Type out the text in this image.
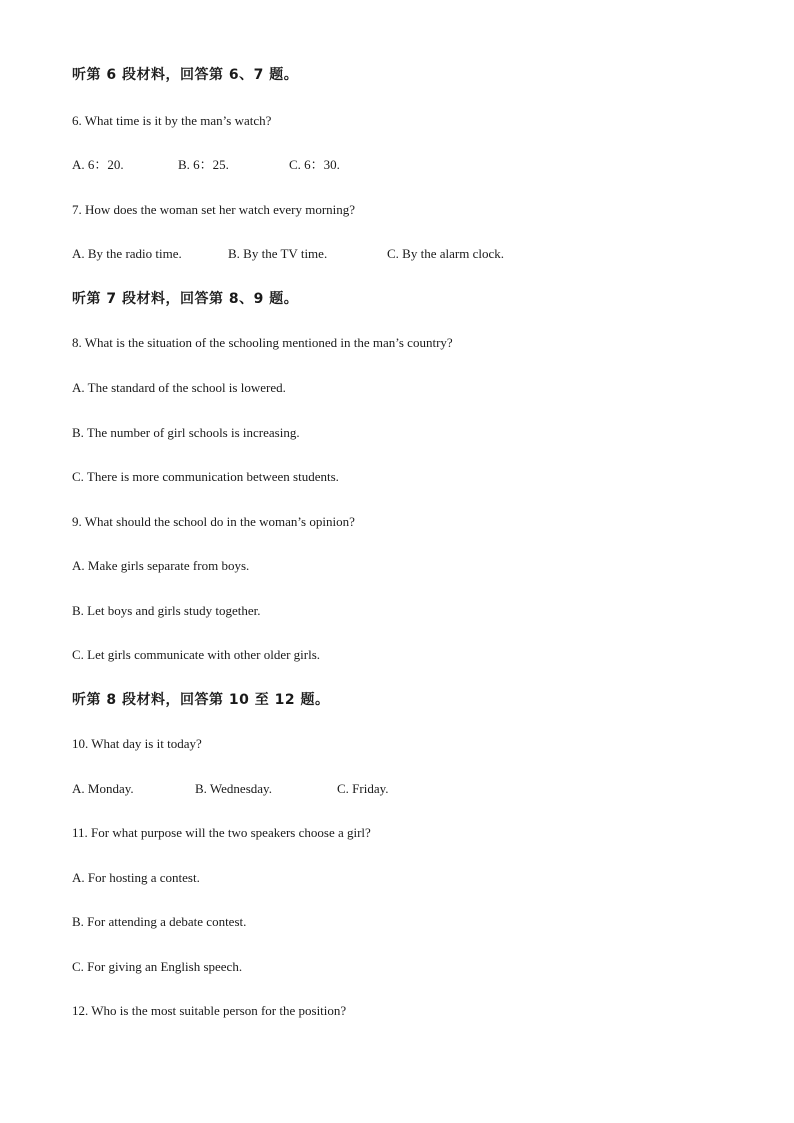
听第 6 段材料，回答第 6、7 题。
6. What time is it by the man’s watch?
A. 6：20.	B. 6：25.	C. 6：30.
7. How does the woman set her watch every morning?
A. By the radio time.	B. By the TV time.	C. By the alarm clock.
听第 7 段材料，回答第 8、9 题。
8. What is the situation of the schooling mentioned in the man’s country?
A. The standard of the school is lowered.
B. The number of girl schools is increasing.
C. There is more communication between students.
9. What should the school do in the woman’s opinion?
A. Make girls separate from boys.
B. Let boys and girls study together.
C. Let girls communicate with other older girls.
听第 8 段材料，回答第 10 至 12 题。
10. What day is it today?
A. Monday.	B. Wednesday.	C. Friday.
11. For what purpose will the two speakers choose a girl?
A. For hosting a contest.
B. For attending a debate contest.
C. For giving an English speech.
12. Who is the most suitable person for the position?
